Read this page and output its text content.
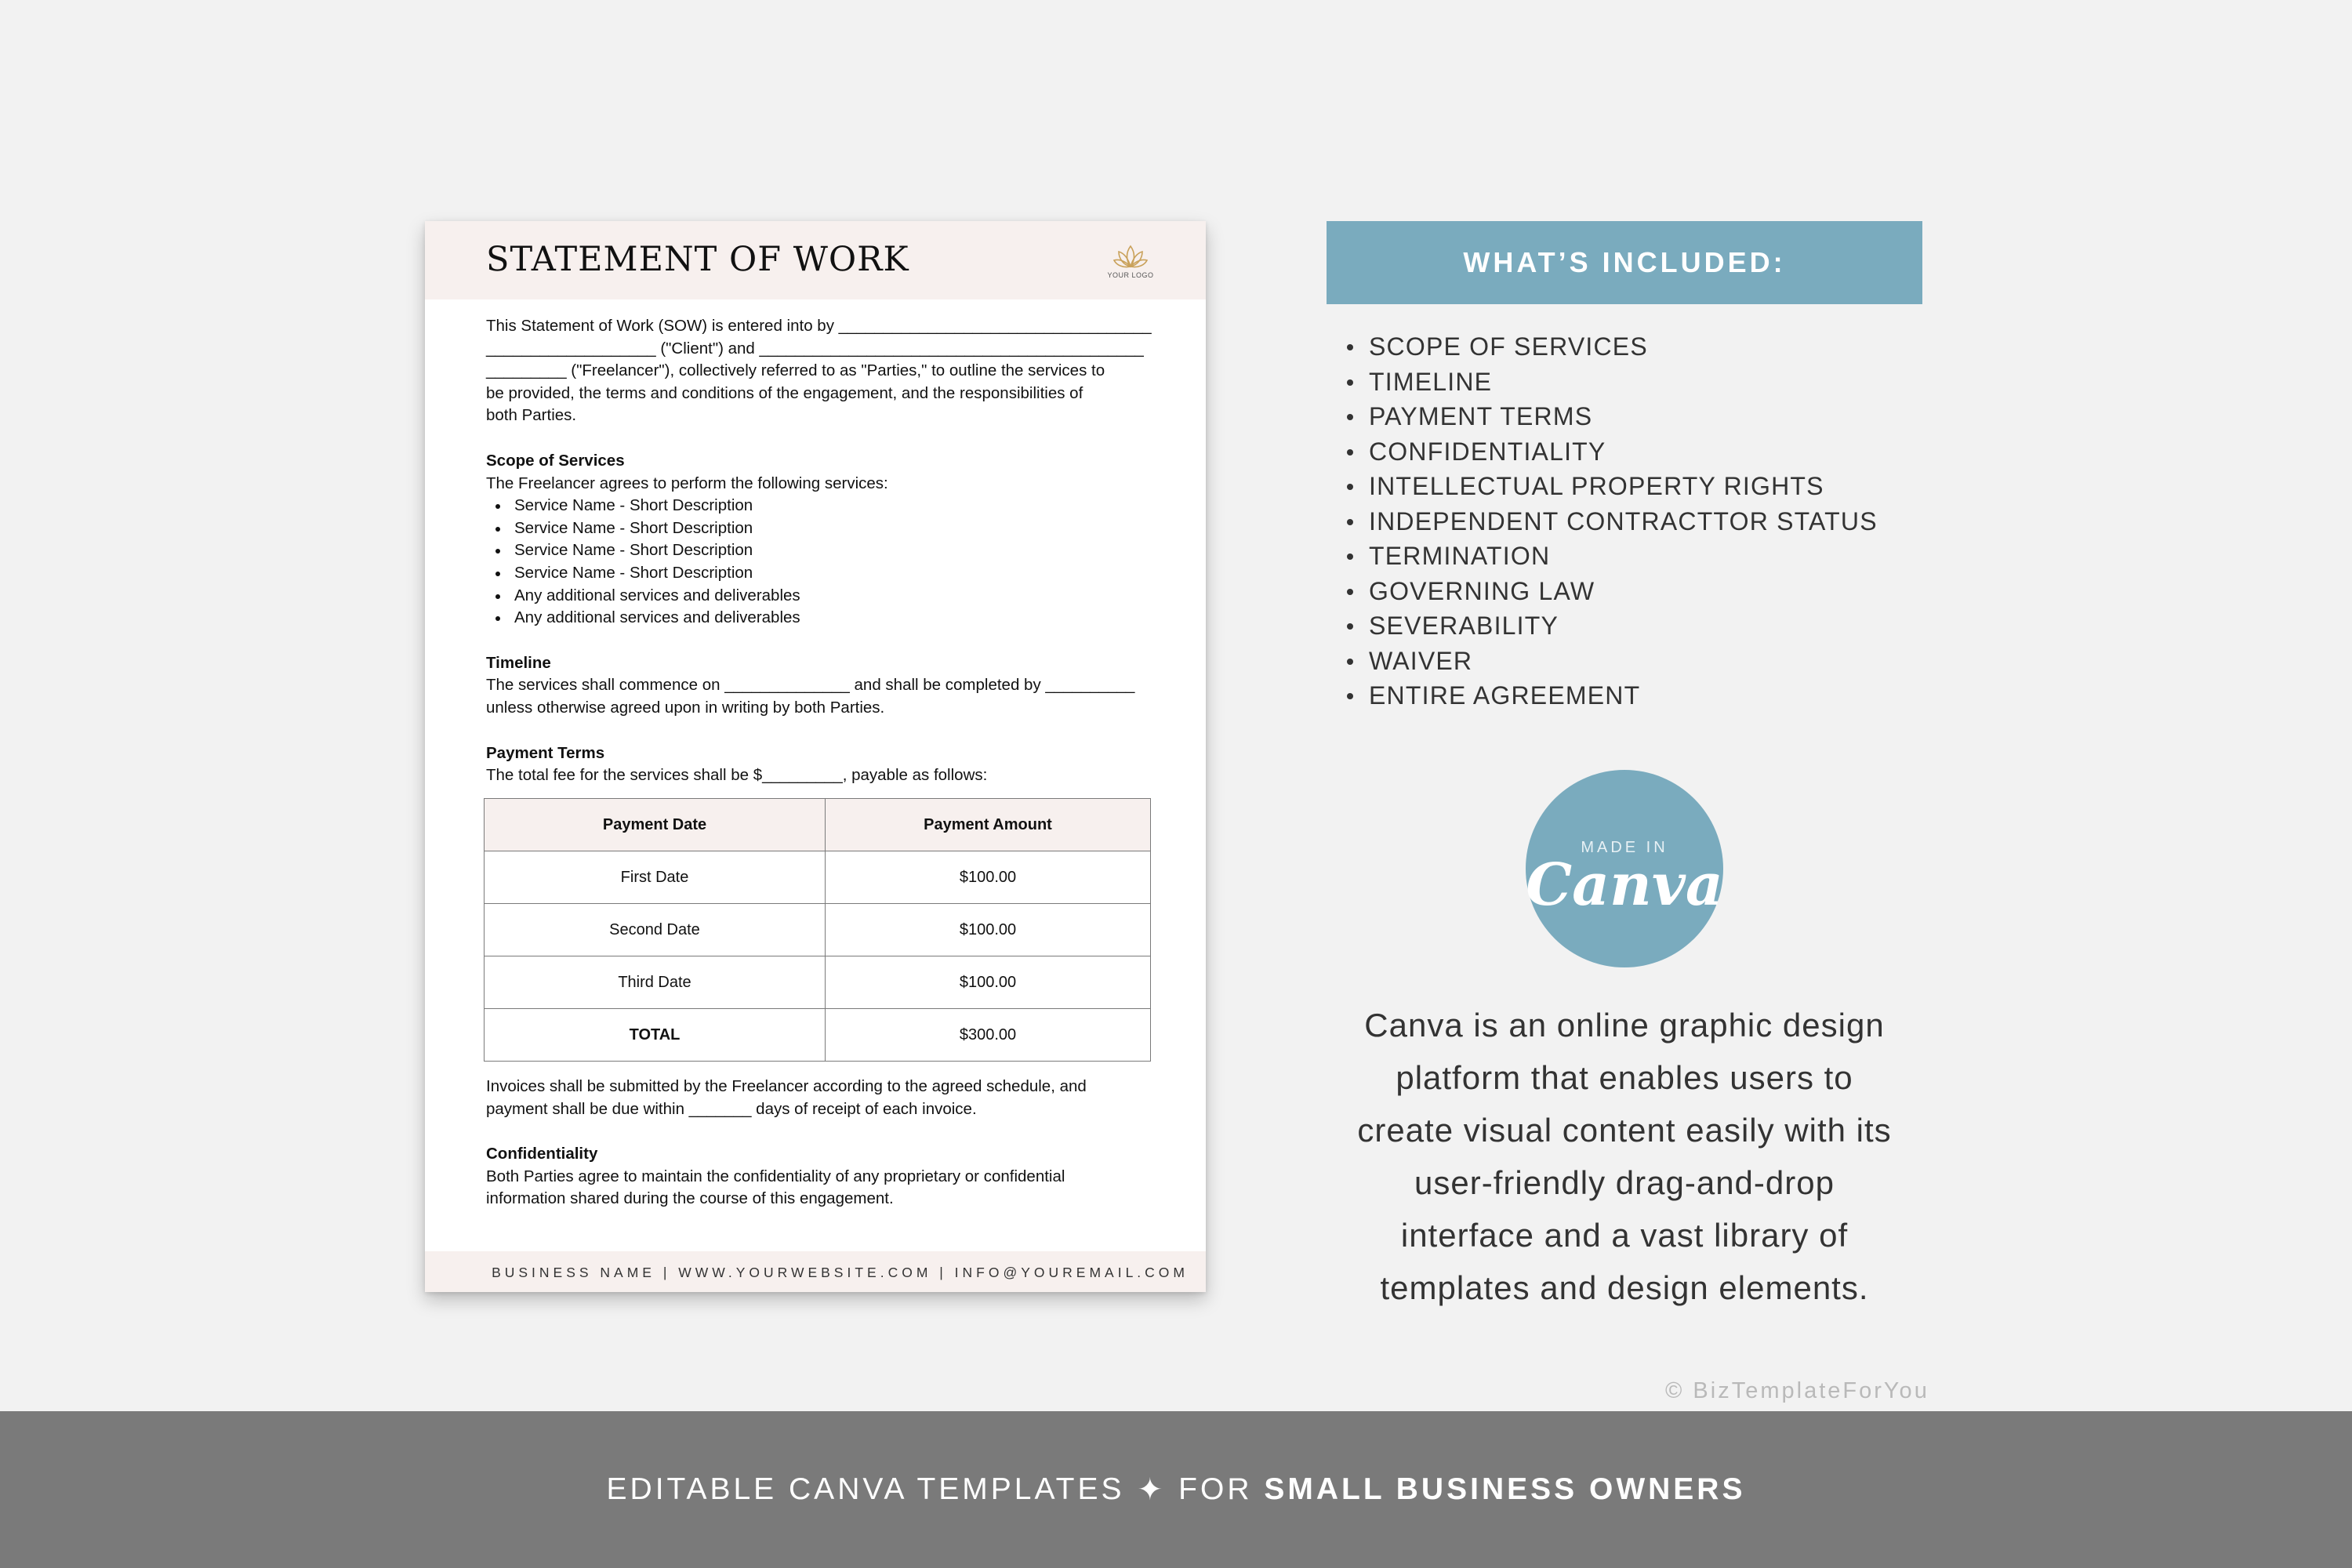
STATEMENT OF WORK	YOUR LOGO

This Statement of Work (SOW) is entered into by ___________________________________

___________________ ("Client") and ___________________________________________

_________ ("Freelancer"), collectively referred to as "Parties," to outline the services to

be provided, the terms and conditions of the engagement, and the responsibilities of

both Parties.

Scope of Services

The Freelancer agrees to perform the following services:

Service Name - Short Description
Service Name - Short Description
Service Name - Short Description
Service Name - Short Description
Any additional services and deliverables
Any additional services and deliverables

Timeline

The services shall commence on ______________ and shall be completed by __________

unless otherwise agreed upon in writing by both Parties.

Payment Terms

The total fee for the services shall be $_________, payable as follows:

Payment Date	Payment Amount
First Date	$100.00
Second Date	$100.00
Third Date	$100.00
TOTAL	$300.00

Invoices shall be submitted by the Freelancer according to the agreed schedule, and

payment shall be due within _______ days of receipt of each invoice.

Confidentiality

Both Parties agree to maintain the confidentiality of any proprietary or confidential

information shared during the course of this engagement.

BUSINESS NAME | WWW.YOURWEBSITE.COM | INFO@YOUREMAIL.COM
WHAT’S INCLUDED:
SCOPE OF SERVICES
TIMELINE
PAYMENT TERMS
CONFIDENTIALITY
INTELLECTUAL PROPERTY RIGHTS
INDEPENDENT CONTRACTTOR STATUS
TERMINATION
GOVERNING LAW
SEVERABILITY
WAIVER
ENTIRE AGREEMENT
MADE IN
Canva
Canva is an online graphic design
platform that enables users to
create visual content easily with its
user-friendly drag-and-drop
interface and a vast library of
templates and design elements.
© BizTemplateForYou
EDITABLE CANVA TEMPLATES ✦ FOR
SMALL BUSINESS OWNERS
